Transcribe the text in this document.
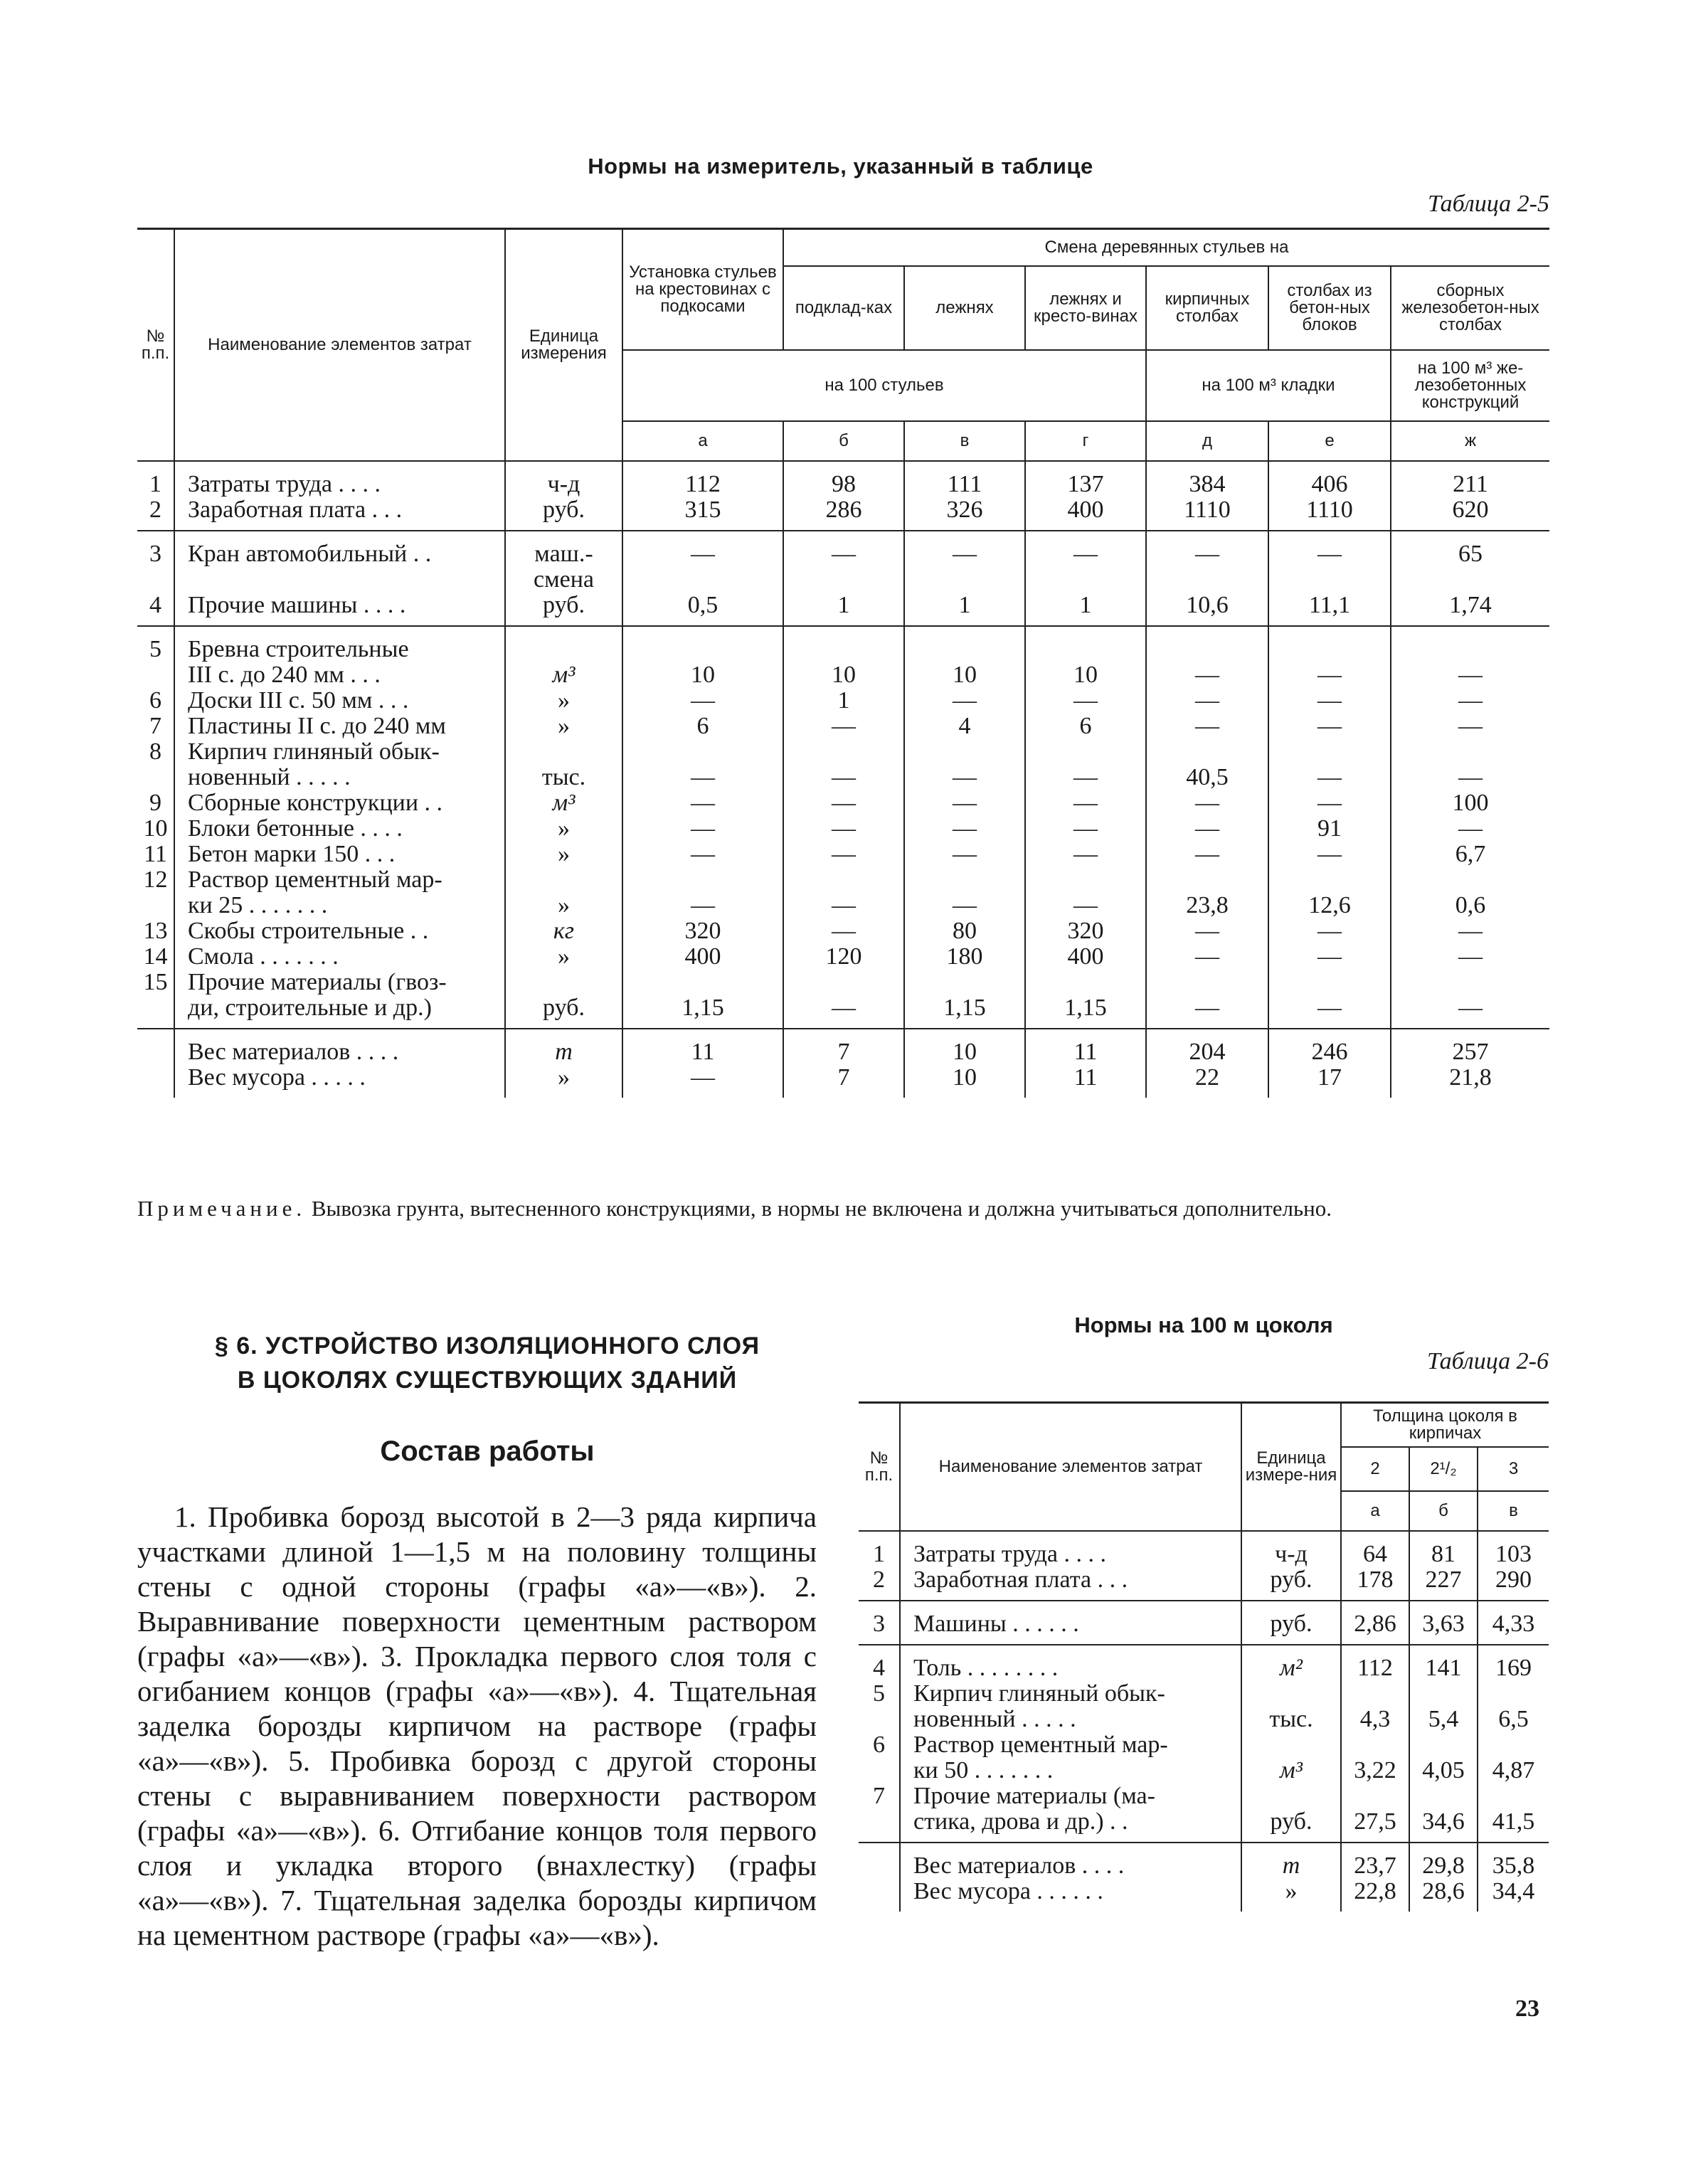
Нормы на измеритель, указанный в таблице
Таблица 2-5
№ п.п.	Наименование элементов затрат	Единица измерения	Установка стульев на крестовинах с подкосами	Смена деревянных стульев на					
				подклад-ках	лежнях	лежнях и кресто-винах	кирпичных столбах	столбах из бетон-ных блоков	сборных железобетон-ных столбах
			на 100 стульев				на 100 м³ кладки		на 100 м³ же-лезобетонных конструкций
			а	б	в	г	д	е	ж

1	Затраты труда . . . .	ч-д	112	98	111	137	384	406	211
2	Заработная плата . . .	руб.	315	286	326	400	1110	1110	620

3	Кран автомобильный . .	маш.-	—	—	—	—	—	—	65
		смена							
4	Прочие машины . . . .	руб.	0,5	1	1	1	10,6	11,1	1,74

5	Бревна строительные								
	III с. до 240 мм . . .	м³	10	10	10	10	—	—	—
6	Доски III с. 50 мм . . .	»	—	1	—	—	—	—	—
7	Пластины II с. до 240 мм	»	6	—	4	6	—	—	—
8	Кирпич глиняный обык-								
	новенный . . . . .	тыс.	—	—	—	—	40,5	—	—
9	Сборные конструкции . .	м³	—	—	—	—	—	—	100
10	Блоки бетонные . . . .	»	—	—	—	—	—	91	—
11	Бетон марки 150 . . .	»	—	—	—	—	—	—	6,7
12	Раствор цементный мар-								
	ки 25 . . . . . . .	»	—	—	—	—	23,8	12,6	0,6
13	Скобы строительные . .	кг	320	—	80	320	—	—	—
14	Смола . . . . . . .	»	400	120	180	400	—	—	—
15	Прочие материалы (гвоз-								
	ди, строительные и др.)	руб.	1,15	—	1,15	1,15	—	—	—

	Вес материалов . . . .	т	11	7	10	11	204	246	257
	Вес мусора . . . . .	»	—	7	10	11	22	17	21,8

Примечание. Вывозка грунта, вытесненного конструкциями, в нормы не включена и должна учитываться дополнительно.
§ 6. УСТРОЙСТВО ИЗОЛЯЦИОННОГО СЛОЯ
В ЦОКОЛЯХ СУЩЕСТВУЮЩИХ ЗДАНИЙ
Состав работы
1. Пробивка борозд высотой в 2—3 ряда кирпича участками длиной 1—1,5 м на половину толщины стены с одной стороны (графы «а»—«в»). 2. Выравнивание поверхности цементным раствором (графы «а»—«в»). 3. Прокладка первого слоя толя с огибанием концов (графы «а»—«в»). 4. Тщательная заделка борозды кирпичом на растворе (графы «а»—«в»). 5. Пробивка борозд с другой стороны стены с выравниванием поверхности раствором (графы «а»—«в»). 6. Отгибание концов толя первого слоя и укладка второго (внахлестку) (графы «а»—«в»). 7. Тщательная заделка борозды кирпичом на цементном растворе (графы «а»—«в»).
Нормы на 100 м цоколя
Таблица 2-6
№ п.п.	Наименование элементов затрат	Единица измере-ния	Толщина цоколя в кирпичах		
			2	2¹/₂	3
			а	б	в

1	Затраты труда . . . .	ч-д	64	81	103
2	Заработная плата . . .	руб.	178	227	290

3	Машины . . . . . .	руб.	2,86	3,63	4,33

4	Толь . . . . . . . .	м²	112	141	169
5	Кирпич глиняный обык-				
	новенный . . . . .	тыс.	4,3	5,4	6,5
6	Раствор цементный мар-				
	ки 50 . . . . . . .	м³	3,22	4,05	4,87
7	Прочие материалы (ма-				
	стика, дрова и др.) . .	руб.	27,5	34,6	41,5

	Вес материалов . . . .	т	23,7	29,8	35,8
	Вес мусора . . . . . .	»	22,8	28,6	34,4

23
